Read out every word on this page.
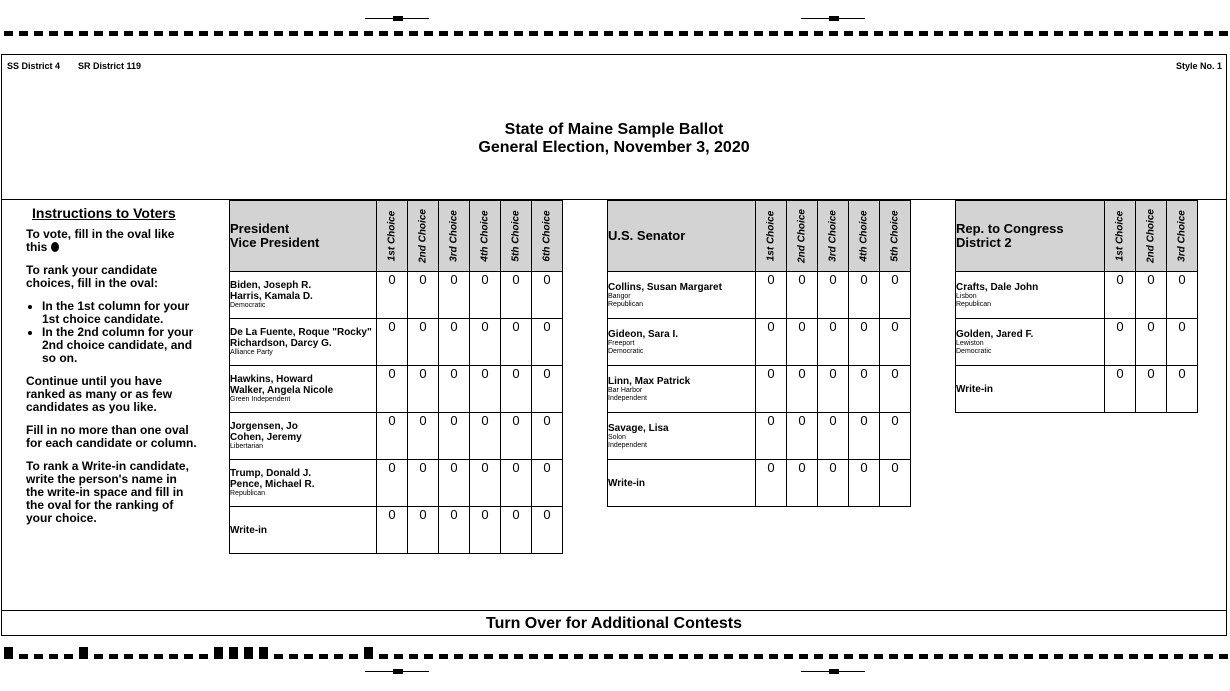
SS District 4 SR District 119	Style No. 1
State of Maine Sample Ballot
General Election, November 3, 2020
Instructions to Voters

To vote, fill in the oval like this

To rank your candidate choices, fill in the oval:

• In the 1st column for your 1st choice candidate.
• In the 2nd column for your 2nd choice candidate, and so on.

Continue until you have ranked as many or as few candidates as you like.

Fill in no more than one oval for each candidate or column.

To rank a Write-in candidate, write the person's name in the write-in space and fill in the oval for the ranking of your choice.

President
Vice President	1st Choice	2nd Choice	3rd Choice	4th Choice	5th Choice	6th Choice

Biden, Joseph R.
Harris, Kamala D.
Democratic	0	0	0	0	0	0

De La Fuente, Roque "Rocky"
Richardson, Darcy G.
Alliance Party	0	0	0	0	0	0

Hawkins, Howard
Walker, Angela Nicole
Green Independent	0	0	0	0	0	0

Jorgensen, Jo
Cohen, Jeremy
Libertarian	0	0	0	0	0	0

Trump, Donald J.
Pence, Michael R.
Republican	0	0	0	0	0	0

Write-in	0	0	0	0	0	0
U.S. Senator	1st Choice	2nd Choice	3rd Choice	4th Choice	5th Choice

Collins, Susan Margaret
Bangor
Republican	0	0	0	0	0

Gideon, Sara I.
Freeport
Democratic	0	0	0	0	0

Linn, Max Patrick
Bar Harbor
Independent	0	0	0	0	0

Savage, Lisa
Solon
Independent	0	0	0	0	0

Write-in	0	0	0	0	0
Rep. to Congress
District 2	1st Choice	2nd Choice	3rd Choice

Crafts, Dale John
Lisbon
Republican	0	0	0

Golden, Jared F.
Lewiston
Democratic	0	0	0

Write-in	0	0	0
Turn Over for Additional Contests
